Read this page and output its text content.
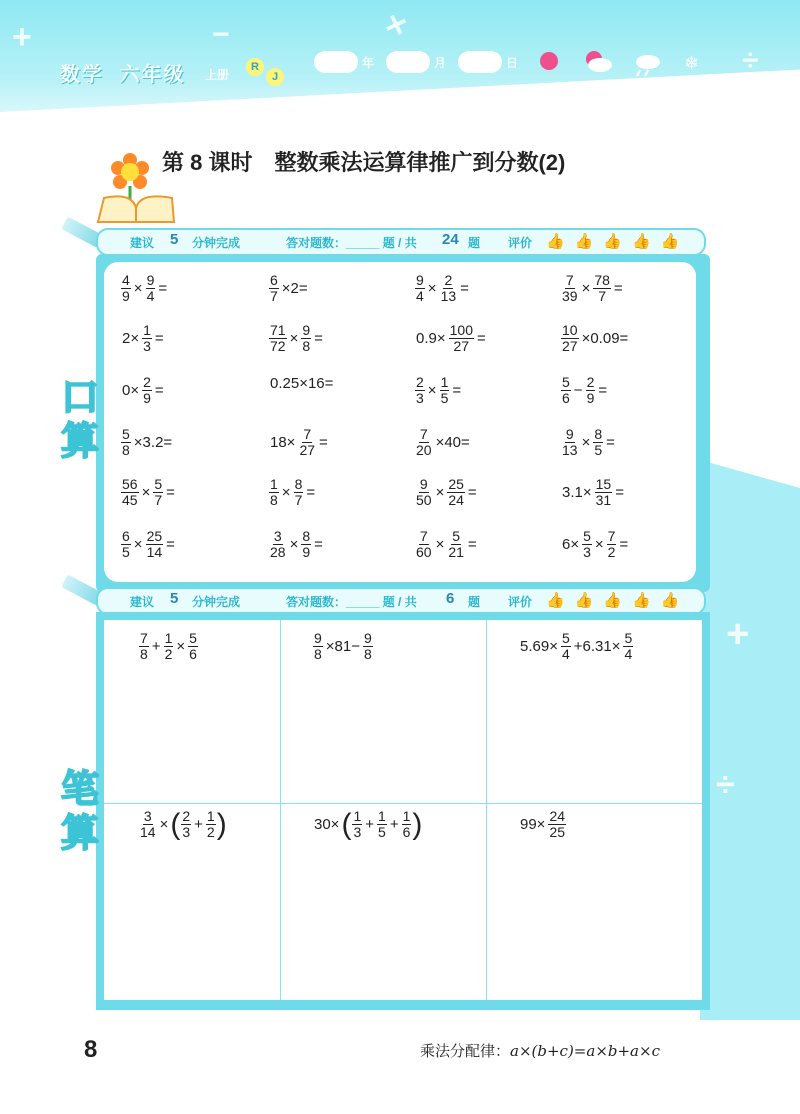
+	−	×
÷
数学 六年级 上册
R
J
年	月	日	❄
第 8 课时 整数乘法运算律推广到分数(2)
+
÷
建议 5 分钟完成	答对题数：_____ 题 / 共 24 题 评价 👍👍👍👍👍
$\frac{4}{9} \times \frac{9}{4}$ =	$\frac{6}{7} \times 2=$	$\frac{9}{4} \times \frac{2}{13}$ =	$\frac{7}{39} \times \frac{78}{7}$ =
$2\times \frac{1}{3}$ =	$\frac{71}{72} \times \frac{9}{8}$ =	$0.9\times \frac{100}{27}$ =	$\frac{10}{27} \times 0.09=$
$0\times \frac{2}{9}$ =	0.25×16=	$\frac{2}{3} \times \frac{1}{5}$ =	$\frac{5}{6} - \frac{2}{9}$ =
$\frac{5}{8} \times 3.2=$	$18\times \frac{7}{27}$ =	$\frac{7}{20} \times 40=$	$\frac{9}{13} \times \frac{8}{5}$ =
$\frac{56}{45} \times \frac{5}{7}$ =	$\frac{1}{8} \times \frac{8}{7}$ =	$\frac{9}{50} \times \frac{25}{24}$ =	$3.1\times \frac{15}{31}$ =
$\frac{6}{5} \times \frac{25}{14}$ =	$\frac{3}{28} \times \frac{8}{9}$ =	$\frac{7}{60} \times \frac{5}{21}$ =	$6\times \frac{5}{3} \times \frac{7}{2}$ =
口
算
建议 5 分钟完成	答对题数：_____ 题 / 共 6 题 评价 👍👍👍👍👍
$\frac{7}{8} + \frac{1}{2} \times \frac{5}{6}$	$\frac{9}{8} \times 81- \frac{9}{8}$	$5.69\times \frac{5}{4} +6.31\times \frac{5}{4}$
$\frac{3}{14}$ × ( $\frac{2}{3} + \frac{1}{2}$ )	30× ( $\frac{1}{3} + \frac{1}{5} + \frac{1}{6}$ )	$99\times \frac{24}{25}$
笔
算
8	乘法分配律：a×(b+c)=a×b+a×c
